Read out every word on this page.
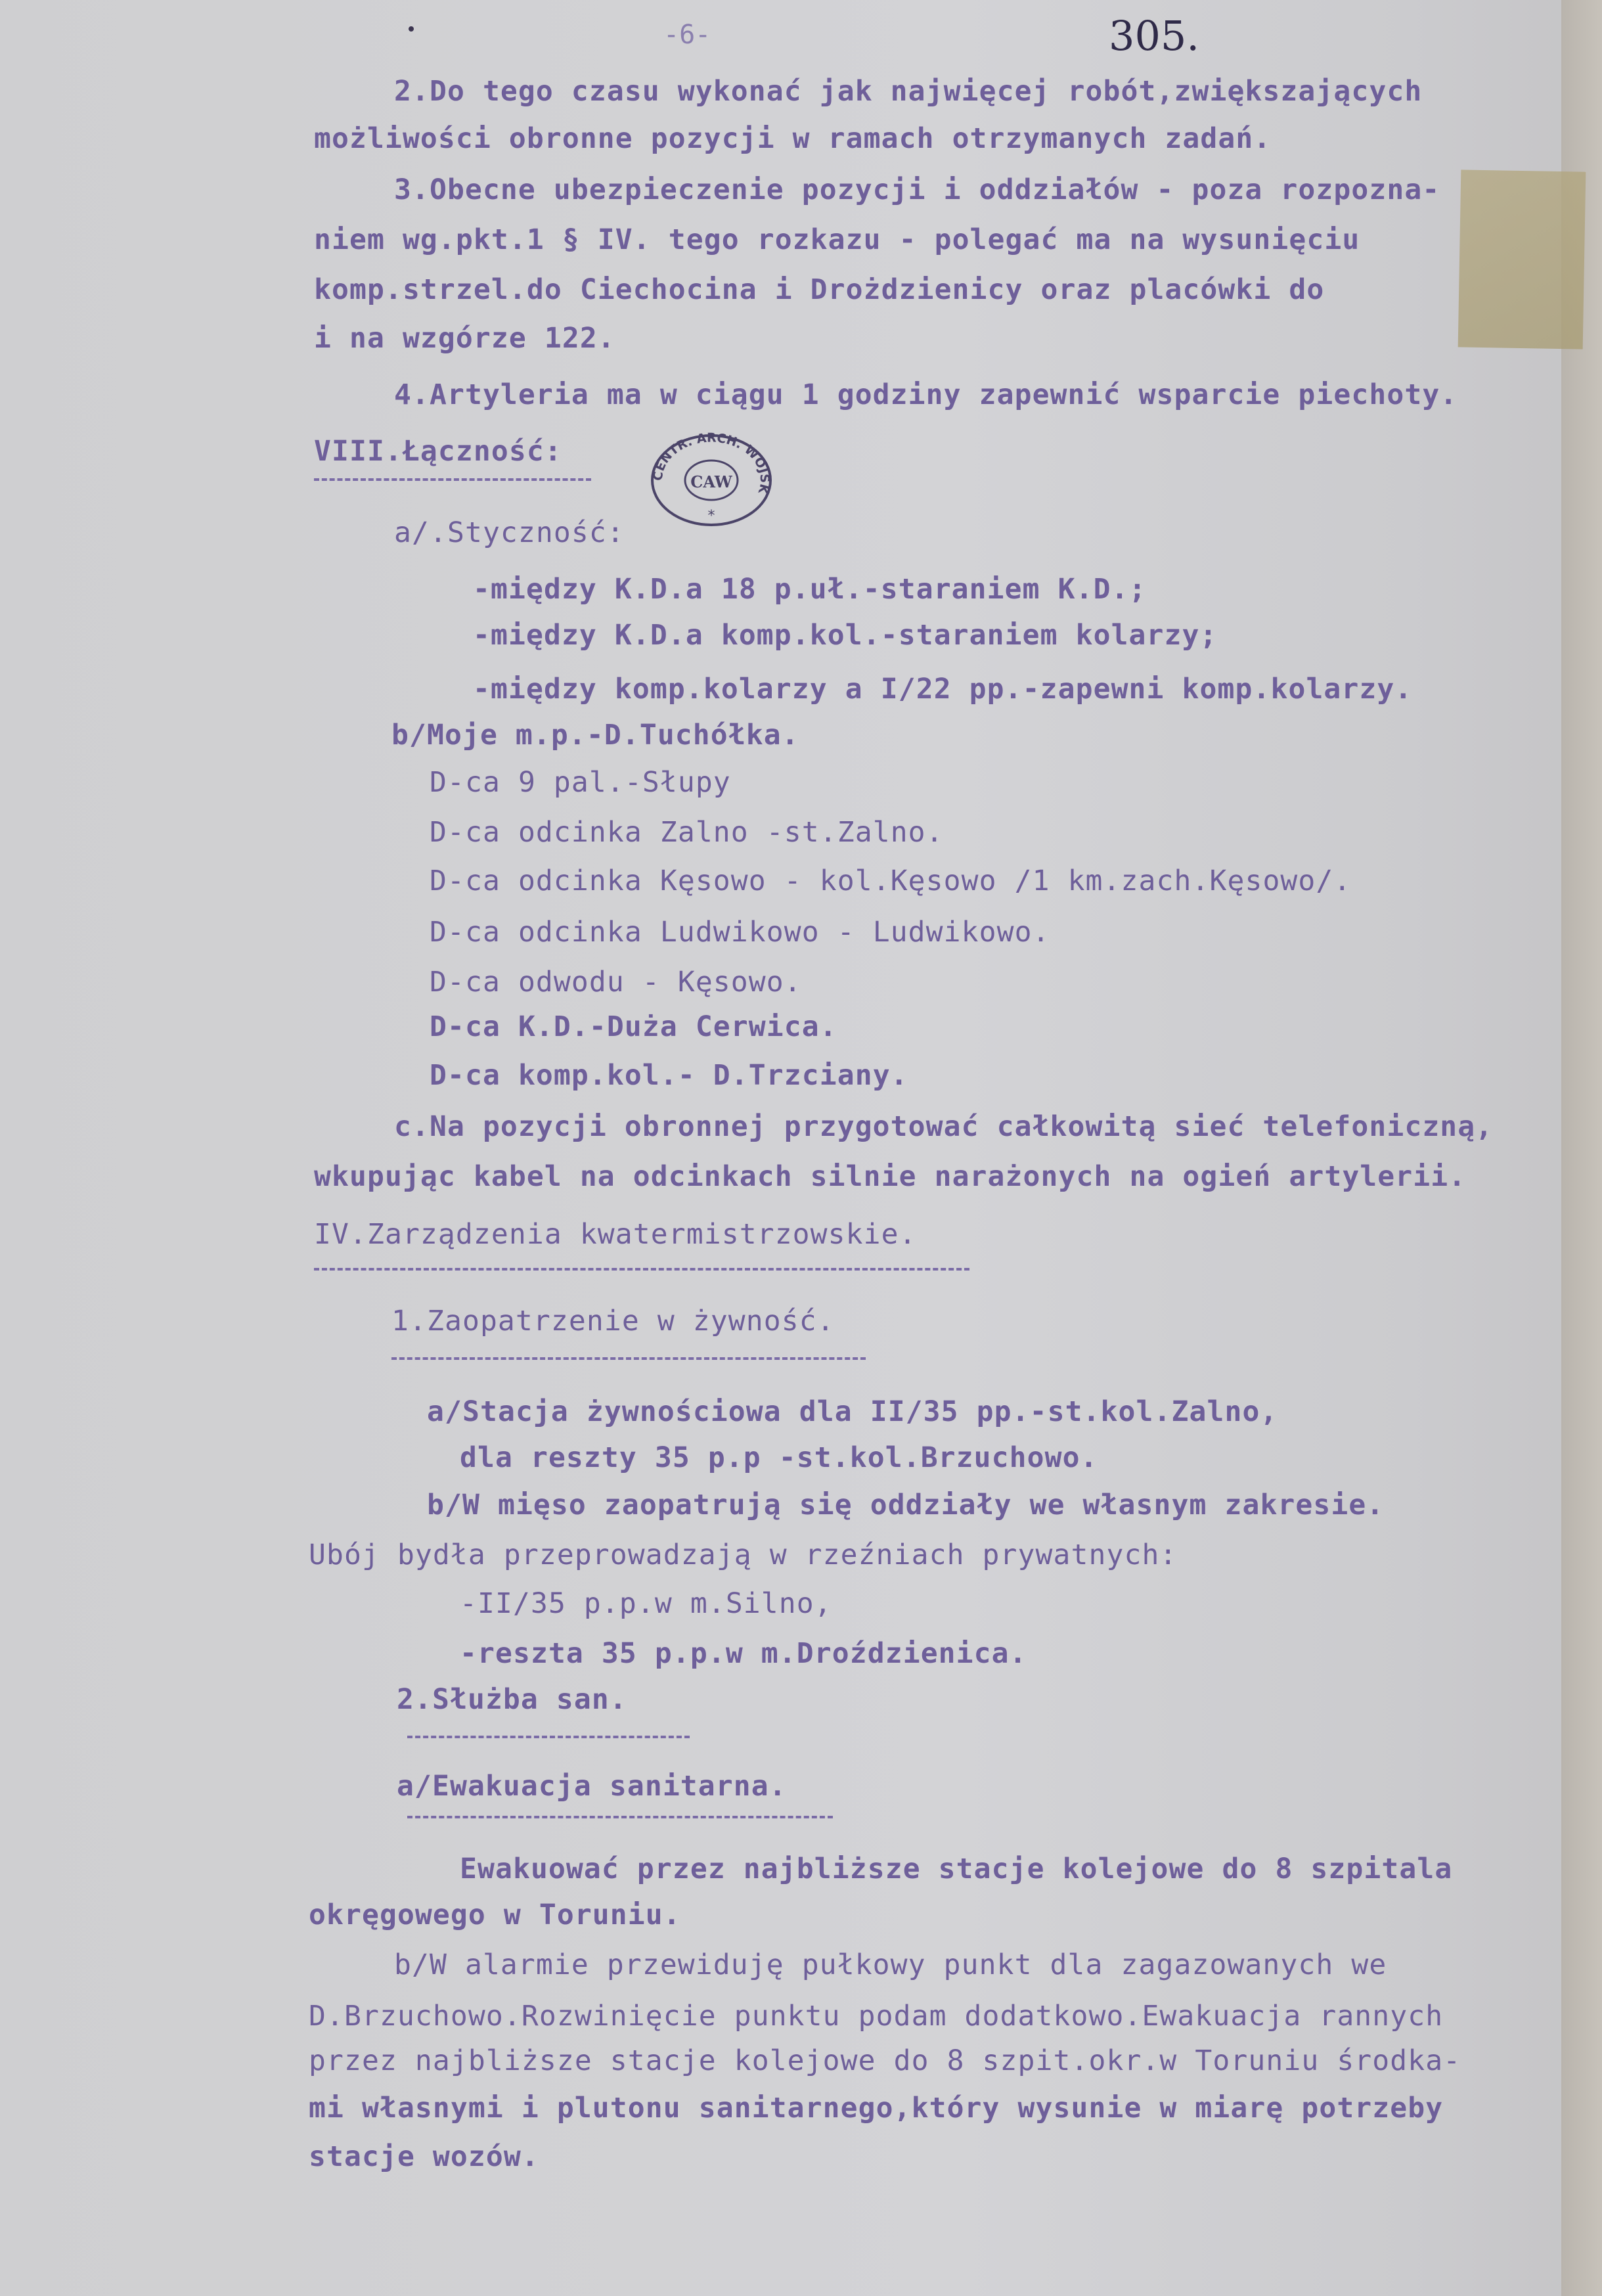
-6-	305.
CENTR. ARCH. WOJSK
CAW
*
2.Do tego czasu wykonać jak najwięcej robót,zwiększających
możliwości obronne pozycji w ramach otrzymanych zadań.
3.Obecne ubezpieczenie pozycji i oddziałów - poza rozpozna-
niem wg.pkt.1 § IV. tego rozkazu - polegać ma na wysunięciu
komp.strzel.do Ciechocina i Drożdzienicy oraz placówki do
i na wzgórze 122.
4.Artyleria ma w ciągu 1 godziny zapewnić wsparcie piechoty.
VIII.Łączność:
a/.Styczność:
-między K.D.a 18 p.uł.-staraniem K.D.;
-między K.D.a komp.kol.-staraniem kolarzy;
-między komp.kolarzy a I/22 pp.-zapewni komp.kolarzy.
b/Moje m.p.-D.Tuchółka.
D-ca 9 pal.-Słupy
D-ca odcinka Zalno -st.Zalno.
D-ca odcinka Kęsowo - kol.Kęsowo /1 km.zach.Kęsowo/.
D-ca odcinka Ludwikowo - Ludwikowo.
D-ca odwodu - Kęsowo.
D-ca K.D.-Duża Cerwica.
D-ca komp.kol.- D.Trzciany.
c.Na pozycji obronnej przygotować całkowitą sieć telefoniczną,
wkupując kabel na odcinkach silnie narażonych na ogień artylerii.
IV.Zarządzenia kwatermistrzowskie.
1.Zaopatrzenie w żywność.
a/Stacja żywnościowa dla II/35 pp.-st.kol.Zalno,
dla reszty 35 p.p -st.kol.Brzuchowo.
b/W mięso zaopatrują się oddziały we własnym zakresie.
Ubój bydła przeprowadzają w rzeźniach prywatnych:
-II/35 p.p.w m.Silno,
-reszta 35 p.p.w m.Droździenica.
2.Służba san.
a/Ewakuacja sanitarna.
Ewakuować przez najbliższe stacje kolejowe do 8 szpitala
okręgowego w Toruniu.
b/W alarmie przewiduję pułkowy punkt dla zagazowanych we
D.Brzuchowo.Rozwinięcie punktu podam dodatkowo.Ewakuacja rannych
przez najbliższe stacje kolejowe do 8 szpit.okr.w Toruniu środka-
mi własnymi i plutonu sanitarnego,który wysunie w miarę potrzeby
stacje wozów.
